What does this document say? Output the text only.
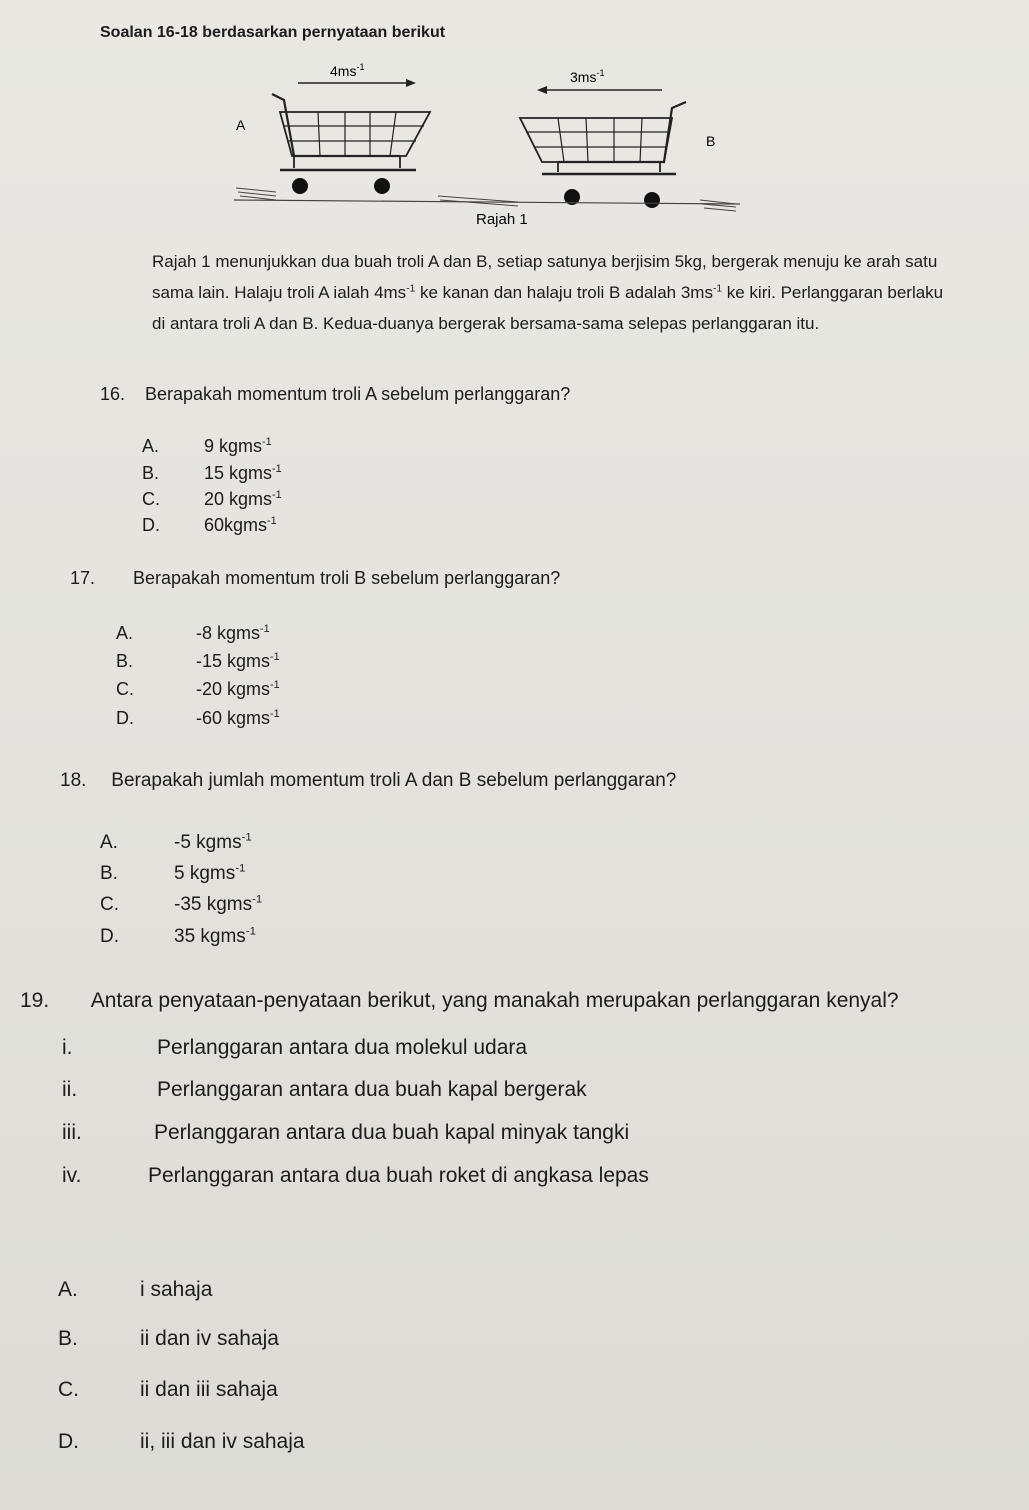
Soalan 16-18 berdasarkan pernyataan berikut
$4ms^{-1}$
$3ms^{-1}$
A
B
Rajah 1
Rajah 1 menunjukkan dua buah troli A dan B, setiap satunya berjisim 5kg, bergerak menuju ke arah satu sama lain. Halaju troli A ialah $4ms^{-1}$ ke kanan dan halaju troli B adalah $3ms^{-1}$ ke kiri. Perlanggaran berlaku di antara troli A dan B. Kedua-duanya bergerak bersama-sama selepas perlanggaran itu.
16. Berapakah momentum troli A sebelum perlanggaran?
A. 9 kgms$^{-1}$
B. 15 kgms$^{-1}$
C. 20 kgms$^{-1}$
D. 60kgms$^{-1}$
17. Berapakah momentum troli B sebelum perlanggaran?
A.	-8 kgms$^{-1}$
B.	-15 kgms$^{-1}$
C.	-20 kgms$^{-1}$
D.	-60 kgms$^{-1}$
18. Berapakah jumlah momentum troli A dan B sebelum perlanggaran?
A.	-5 kgms$^{-1}$
B.	5 kgms$^{-1}$
C.	-35 kgms$^{-1}$
D.	35 kgms$^{-1}$
19. Antara penyataan-penyataan berikut, yang manakah merupakan perlanggaran kenyal?
i.	Perlanggaran antara dua molekul udara
ii.	Perlanggaran antara dua buah kapal bergerak
iii.	Perlanggaran antara dua buah kapal minyak tangki
iv.	Perlanggaran antara dua buah roket di angkasa lepas
A.	i sahaja
B.	ii dan iv sahaja
C.	ii dan iii sahaja
D.	ii, iii dan iv sahaja
